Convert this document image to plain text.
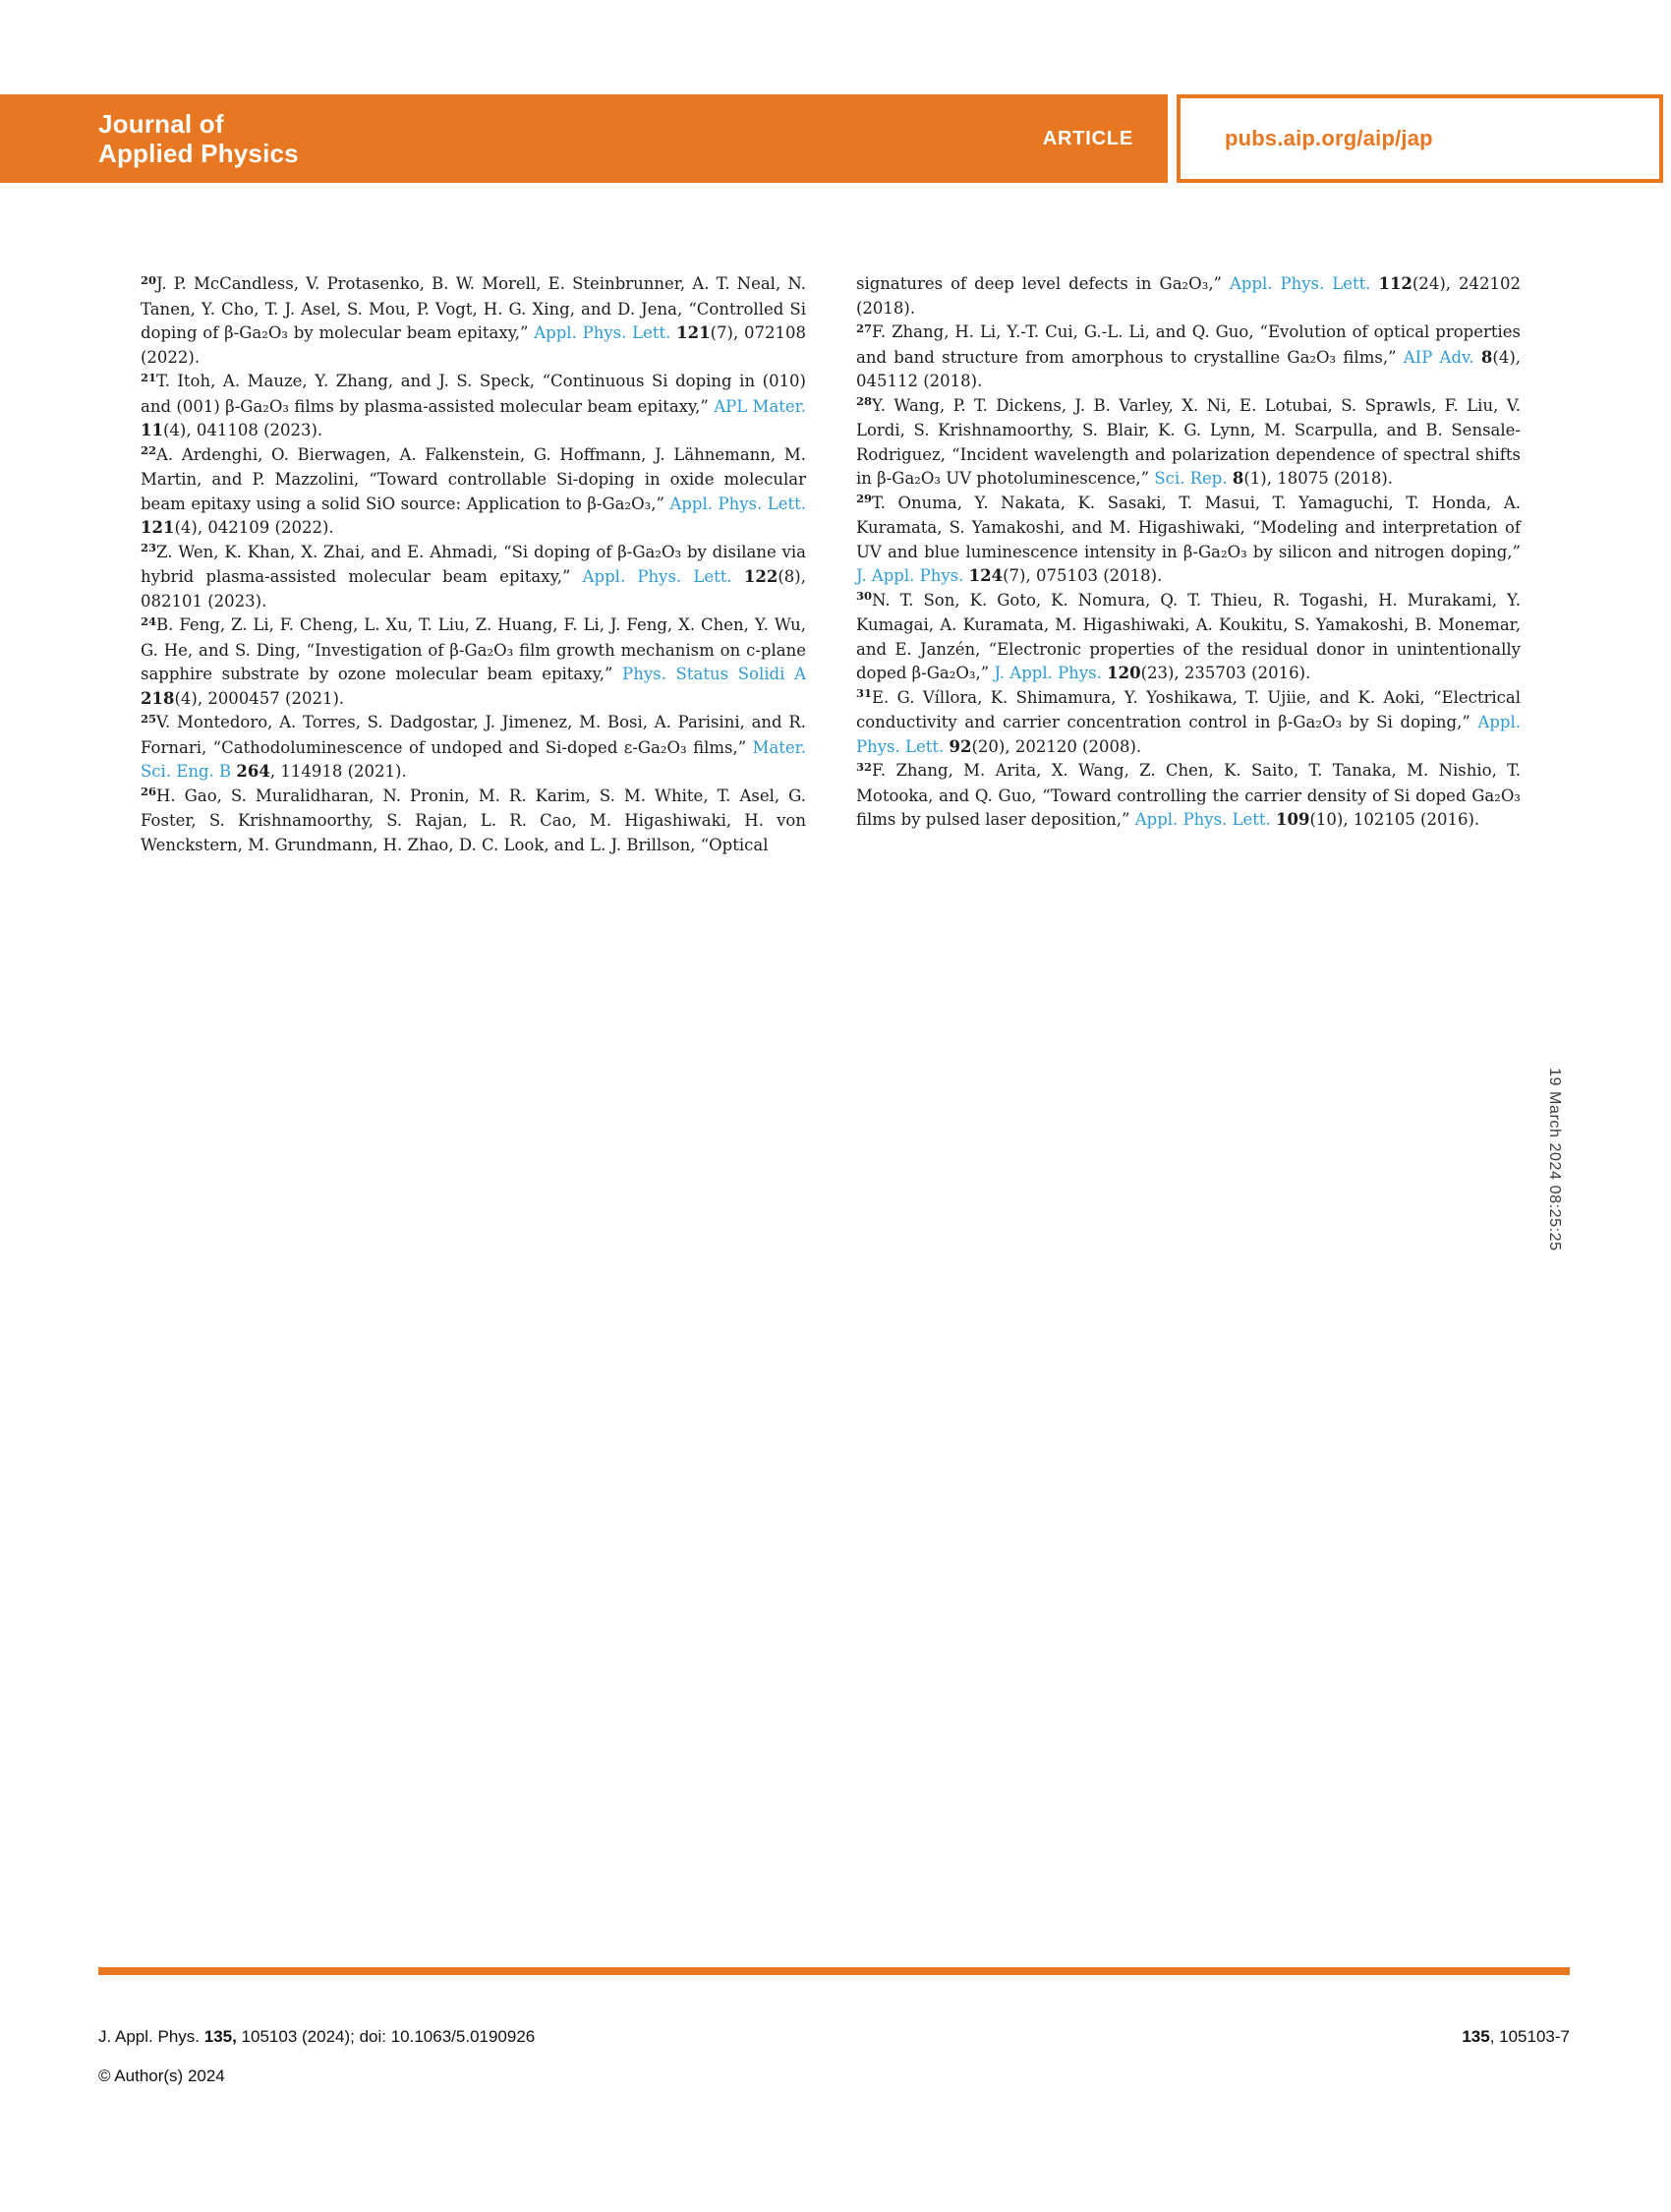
Journal of
Applied Physics
ARTICLE	pubs.aip.org/aip/jap

$^{20}$J. P. McCandless, V. Protasenko, B. W. Morell, E. Steinbrunner, A. T. Neal, N. Tanen, Y. Cho, T. J. Asel, S. Mou, P. Vogt, H. G. Xing, and D. Jena, “Controlled Si doping of β-Ga₂O₃ by molecular beam epitaxy,” Appl. Phys. Lett. 121(7), 072108 (2022).

$^{21}$T. Itoh, A. Mauze, Y. Zhang, and J. S. Speck, “Continuous Si doping in (010) and (001) β-Ga₂O₃ films by plasma-assisted molecular beam epitaxy,” APL Mater. 11(4), 041108 (2023).

$^{22}$A. Ardenghi, O. Bierwagen, A. Falkenstein, G. Hoffmann, J. Lähnemann, M. Martin, and P. Mazzolini, “Toward controllable Si-doping in oxide molecular beam epitaxy using a solid SiO source: Application to β-Ga₂O₃,” Appl. Phys. Lett. 121(4), 042109 (2022).

$^{23}$Z. Wen, K. Khan, X. Zhai, and E. Ahmadi, “Si doping of β-Ga₂O₃ by disilane via hybrid plasma-assisted molecular beam epitaxy,” Appl. Phys. Lett. 122(8), 082101 (2023).

$^{24}$B. Feng, Z. Li, F. Cheng, L. Xu, T. Liu, Z. Huang, F. Li, J. Feng, X. Chen, Y. Wu, G. He, and S. Ding, “Investigation of β-Ga₂O₃ film growth mechanism on c-plane sapphire substrate by ozone molecular beam epitaxy,” Phys. Status Solidi A 218(4), 2000457 (2021).

$^{25}$V. Montedoro, A. Torres, S. Dadgostar, J. Jimenez, M. Bosi, A. Parisini, and R. Fornari, “Cathodoluminescence of undoped and Si-doped ε-Ga₂O₃ films,” Mater. Sci. Eng. B 264, 114918 (2021).

$^{26}$H. Gao, S. Muralidharan, N. Pronin, M. R. Karim, S. M. White, T. Asel, G. Foster, S. Krishnamoorthy, S. Rajan, L. R. Cao, M. Higashiwaki, H. von Wenckstern, M. Grundmann, H. Zhao, D. C. Look, and L. J. Brillson, “Optical

signatures of deep level defects in Ga₂O₃,” Appl. Phys. Lett. 112(24), 242102 (2018).

$^{27}$F. Zhang, H. Li, Y.-T. Cui, G.-L. Li, and Q. Guo, “Evolution of optical properties and band structure from amorphous to crystalline Ga₂O₃ films,” AIP Adv. 8(4), 045112 (2018).

$^{28}$Y. Wang, P. T. Dickens, J. B. Varley, X. Ni, E. Lotubai, S. Sprawls, F. Liu, V. Lordi, S. Krishnamoorthy, S. Blair, K. G. Lynn, M. Scarpulla, and B. Sensale-Rodriguez, “Incident wavelength and polarization dependence of spectral shifts in β-Ga₂O₃ UV photoluminescence,” Sci. Rep. 8(1), 18075 (2018).

$^{29}$T. Onuma, Y. Nakata, K. Sasaki, T. Masui, T. Yamaguchi, T. Honda, A. Kuramata, S. Yamakoshi, and M. Higashiwaki, “Modeling and interpretation of UV and blue luminescence intensity in β-Ga₂O₃ by silicon and nitrogen doping,” J. Appl. Phys. 124(7), 075103 (2018).

$^{30}$N. T. Son, K. Goto, K. Nomura, Q. T. Thieu, R. Togashi, H. Murakami, Y. Kumagai, A. Kuramata, M. Higashiwaki, A. Koukitu, S. Yamakoshi, B. Monemar, and E. Janzén, “Electronic properties of the residual donor in unintentionally doped β-Ga₂O₃,” J. Appl. Phys. 120(23), 235703 (2016).

$^{31}$E. G. Víllora, K. Shimamura, Y. Yoshikawa, T. Ujiie, and K. Aoki, “Electrical conductivity and carrier concentration control in β-Ga₂O₃ by Si doping,” Appl. Phys. Lett. 92(20), 202120 (2008).

$^{32}$F. Zhang, M. Arita, X. Wang, Z. Chen, K. Saito, T. Tanaka, M. Nishio, T. Motooka, and Q. Guo, “Toward controlling the carrier density of Si doped Ga₂O₃ films by pulsed laser deposition,” Appl. Phys. Lett. 109(10), 102105 (2016).

19 March 2024 08:25:25
J. Appl. Phys. 135, 105103 (2024); doi: 10.1063/5.0190926
© Author(s) 2024
135, 105103-7
